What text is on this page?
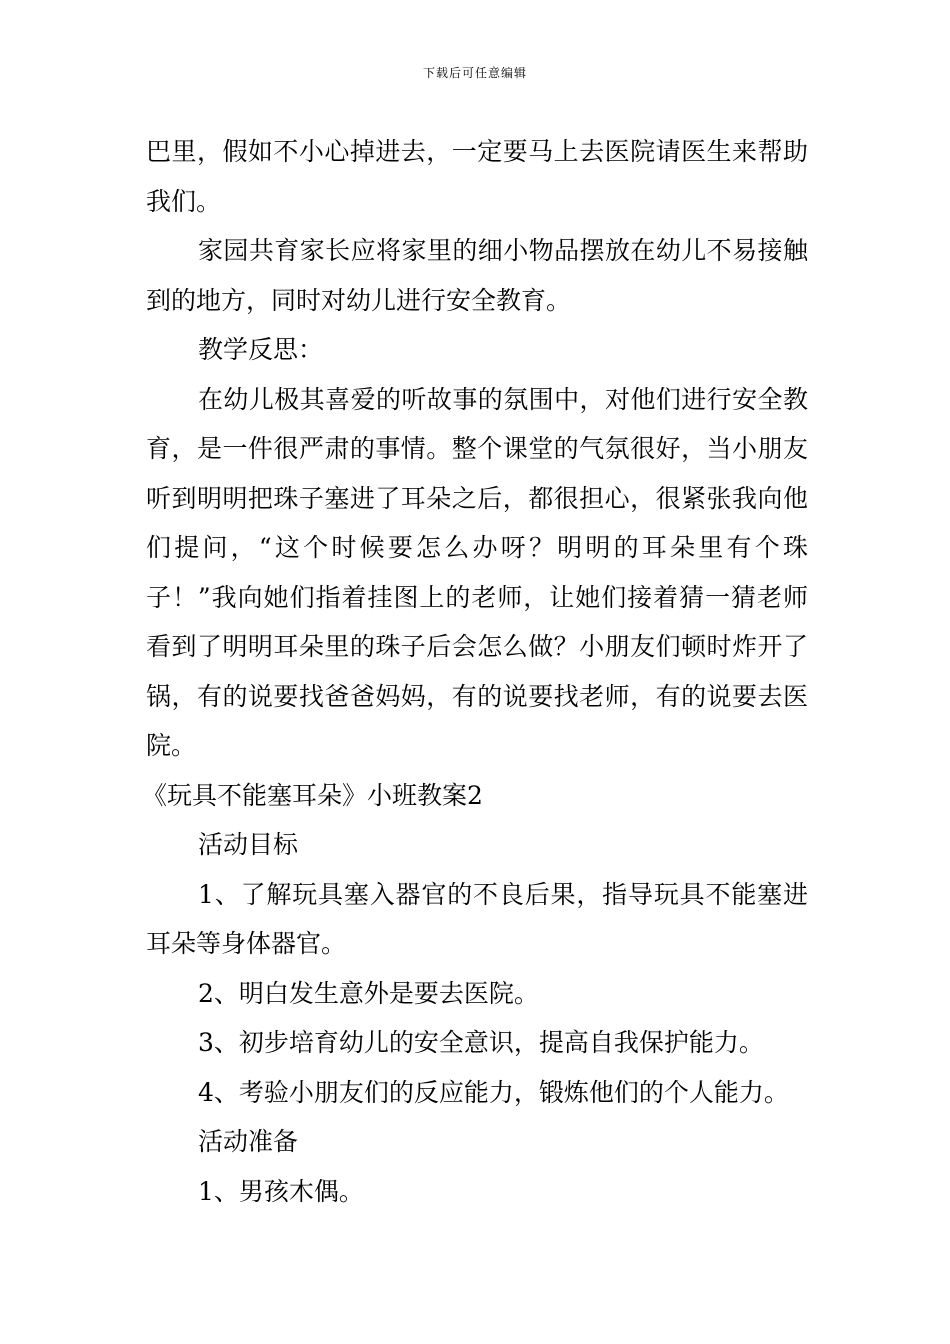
下载后可任意编辑

巴里，假如不小心掉进去，一定要马上去医院请医生来帮助我们。

家园共育家长应将家里的细小物品摆放在幼儿不易接触到的地方，同时对幼儿进行安全教育。

教学反思：

在幼儿极其喜爱的听故事的氛围中，对他们进行安全教育，是一件很严肃的事情。整个课堂的气氛很好，当小朋友听到明明把珠子塞进了耳朵之后，都很担心，很紧张我向他们提问，“这个时候要怎么办呀？明明的耳朵里有个珠子！”我向她们指着挂图上的老师，让她们接着猜一猜老师看到了明明耳朵里的珠子后会怎么做？小朋友们顿时炸开了锅，有的说要找爸爸妈妈，有的说要找老师，有的说要去医院。

《玩具不能塞耳朵》小班教案2

活动目标

1、了解玩具塞入器官的不良后果，指导玩具不能塞进耳朵等身体器官。

2、明白发生意外是要去医院。

3、初步培育幼儿的安全意识，提高自我保护能力。

4、考验小朋友们的反应能力，锻炼他们的个人能力。

活动准备

1、男孩木偶。
